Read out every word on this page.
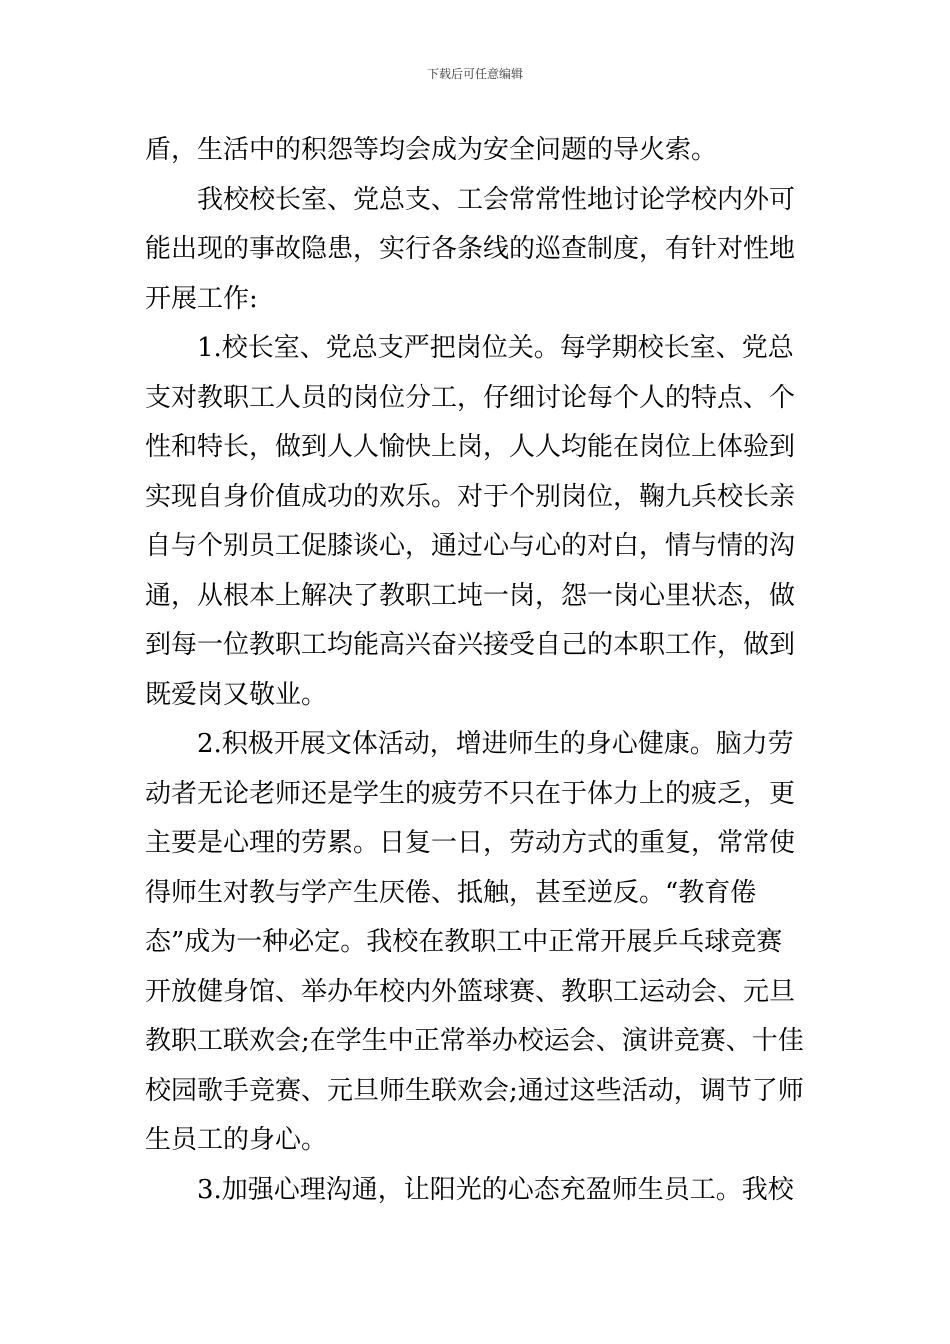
下载后可任意编辑

盾，生活中的积怨等均会成为安全问题的导火索。

我校校长室、党总支、工会常常性地讨论学校内外可

能出现的事故隐患，实行各条线的巡查制度，有针对性地

开展工作:

1.校长室、党总支严把岗位关。每学期校长室、党总

支对教职工人员的岗位分工，仔细讨论每个人的特点、个

性和特长，做到人人愉快上岗，人人均能在岗位上体验到

实现自身价值成功的欢乐。对于个别岗位，鞠九兵校长亲

自与个别员工促膝谈心，通过心与心的对白，情与情的沟

通，从根本上解决了教职工坉一岗，怨一岗心里状态，做

到每一位教职工均能高兴奋兴接受自己的本职工作，做到

既爱岗又敬业。

2.积极开展文体活动，增进师生的身心健康。脑力劳

动者无论老师还是学生的疲劳不只在于体力上的疲乏，更

主要是心理的劳累。日复一日，劳动方式的重复，常常使

得师生对教与学产生厌倦、抵触，甚至逆反。“教育倦

态”成为一种必定。我校在教职工中正常开展乒乓球竞赛

开放健身馆、举办年校内外篮球赛、教职工运动会、元旦

教职工联欢会;在学生中正常举办校运会、演讲竞赛、十佳

校园歌手竞赛、元旦师生联欢会;通过这些活动，调节了师

生员工的身心。

3.加强心理沟通，让阳光的心态充盈师生员工。我校
